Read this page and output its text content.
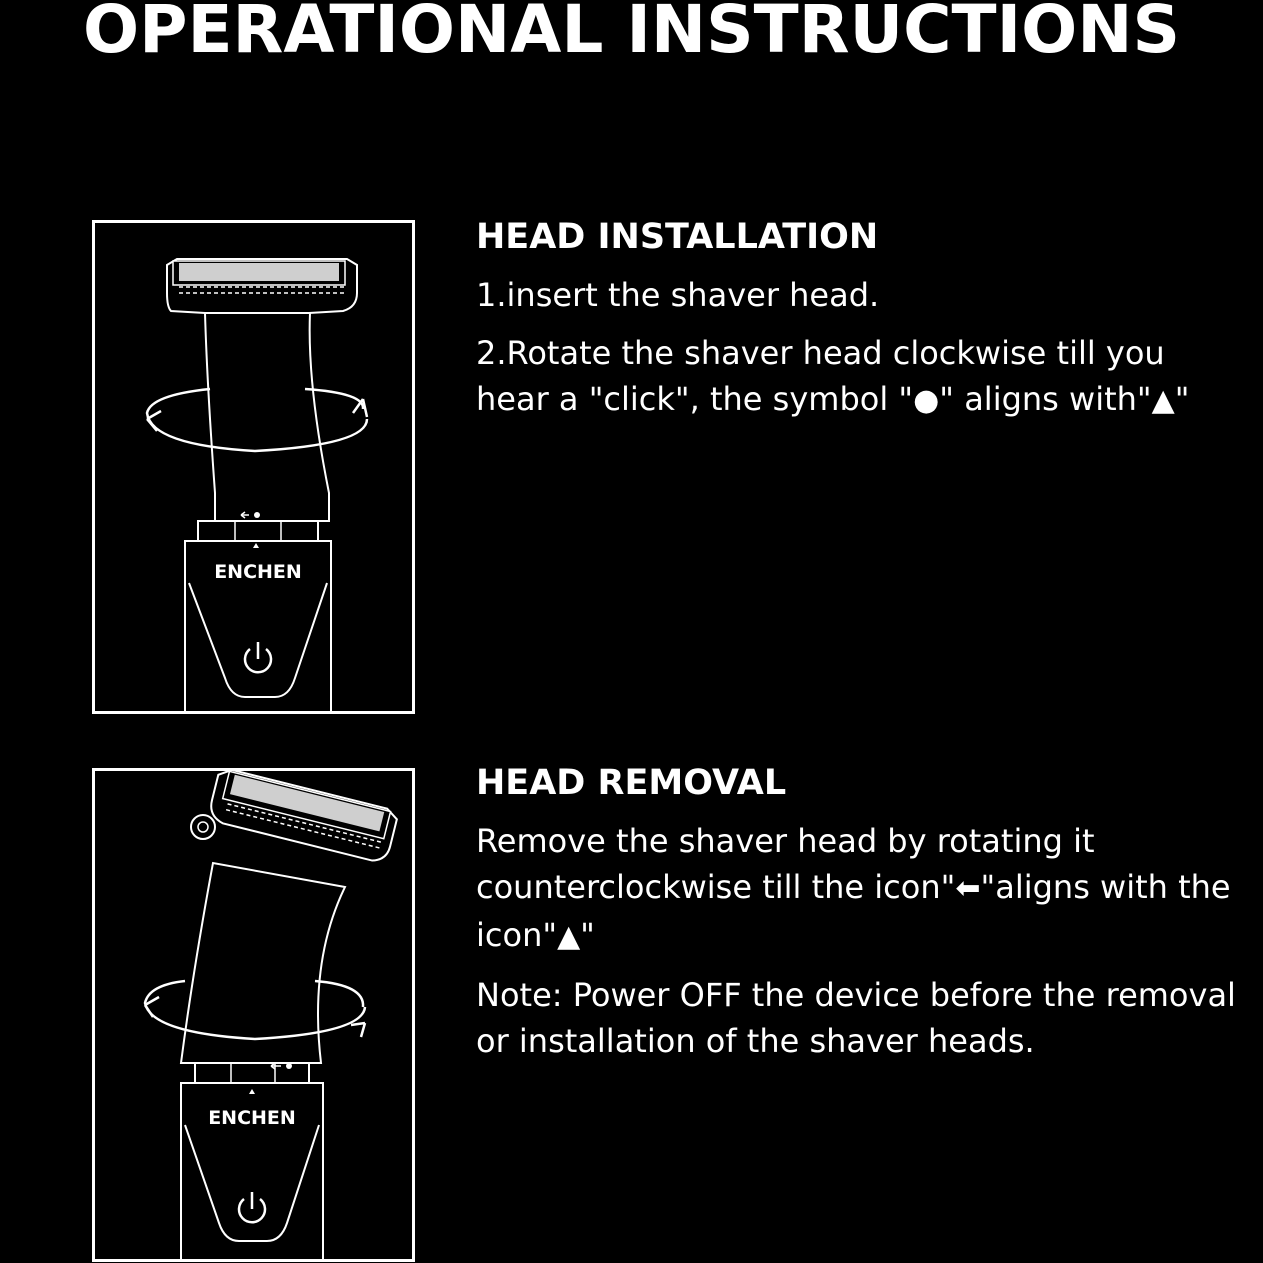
OPERATIONAL INSTRUCTIONS
ENCHEN
ENCHEN
HEAD INSTALLATION
1.insert the shaver head.
2.Rotate the shaver head clockwise till you hear a "click", the symbol "●" aligns with"▲"
HEAD REMOVAL
Remove the shaver head by rotating it counterclockwise till the icon"⬅"aligns with the icon"▲"
Note: Power OFF the device before the removal or installation of the shaver heads.
